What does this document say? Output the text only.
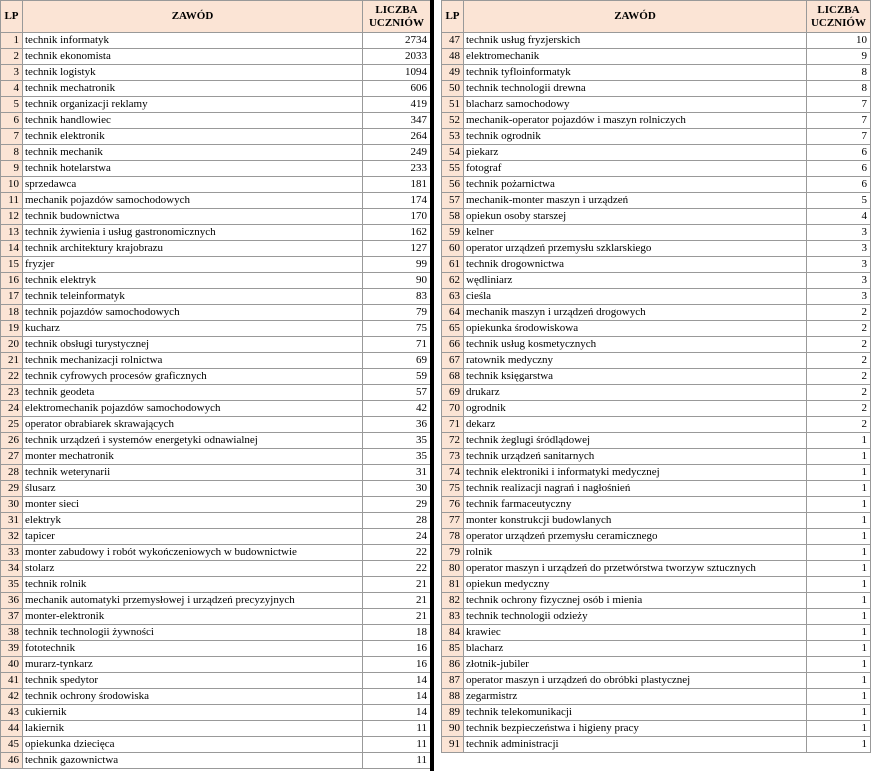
LP	ZAWÓD	LICZBA
UCZNIÓW
1	technik informatyk	2734
2	technik ekonomista	2033
3	technik logistyk	1094
4	technik mechatronik	606
5	technik organizacji reklamy	419
6	technik handlowiec	347
7	technik elektronik	264
8	technik mechanik	249
9	technik hotelarstwa	233
10	sprzedawca	181
11	mechanik pojazdów samochodowych	174
12	technik budownictwa	170
13	technik żywienia i usług gastronomicznych	162
14	technik architektury krajobrazu	127
15	fryzjer	99
16	technik elektryk	90
17	technik teleinformatyk	83
18	technik pojazdów samochodowych	79
19	kucharz	75
20	technik obsługi turystycznej	71
21	technik mechanizacji rolnictwa	69
22	technik cyfrowych procesów graficznych	59
23	technik geodeta	57
24	elektromechanik pojazdów samochodowych	42
25	operator obrabiarek skrawających	36
26	technik urządzeń i systemów energetyki odnawialnej	35
27	monter mechatronik	35
28	technik weterynarii	31
29	ślusarz	30
30	monter sieci	29
31	elektryk	28
32	tapicer	24
33	monter zabudowy i robót wykończeniowych w budownictwie	22
34	stolarz	22
35	technik rolnik	21
36	mechanik automatyki przemysłowej i urządzeń precyzyjnych	21
37	monter-elektronik	21
38	technik technologii żywności	18
39	fototechnik	16
40	murarz-tynkarz	16
41	technik spedytor	14
42	technik ochrony środowiska	14
43	cukiernik	14
44	lakiernik	11
45	opiekunka dziecięca	11
46	technik gazownictwa	11
LP	ZAWÓD	LICZBA
UCZNIÓW
47	technik usług fryzjerskich	10
48	elektromechanik	9
49	technik tyfloinformatyk	8
50	technik technologii drewna	8
51	blacharz samochodowy	7
52	mechanik-operator pojazdów i maszyn rolniczych	7
53	technik ogrodnik	7
54	piekarz	6
55	fotograf	6
56	technik pożarnictwa	6
57	mechanik-monter maszyn i urządzeń	5
58	opiekun osoby starszej	4
59	kelner	3
60	operator urządzeń przemysłu szklarskiego	3
61	technik drogownictwa	3
62	wędliniarz	3
63	cieśla	3
64	mechanik maszyn i urządzeń drogowych	2
65	opiekunka środowiskowa	2
66	technik usług kosmetycznych	2
67	ratownik medyczny	2
68	technik księgarstwa	2
69	drukarz	2
70	ogrodnik	2
71	dekarz	2
72	technik żeglugi śródlądowej	1
73	technik urządzeń sanitarnych	1
74	technik elektroniki i informatyki medycznej	1
75	technik realizacji nagrań i nagłośnień	1
76	technik farmaceutyczny	1
77	monter konstrukcji budowlanych	1
78	operator urządzeń przemysłu ceramicznego	1
79	rolnik	1
80	operator maszyn i urządzeń do przetwórstwa tworzyw sztucznych	1
81	opiekun medyczny	1
82	technik ochrony fizycznej osób i mienia	1
83	technik technologii odzieży	1
84	krawiec	1
85	blacharz	1
86	złotnik-jubiler	1
87	operator maszyn i urządzeń do obróbki plastycznej	1
88	zegarmistrz	1
89	technik telekomunikacji	1
90	technik bezpieczeństwa i higieny pracy	1
91	technik administracji	1
